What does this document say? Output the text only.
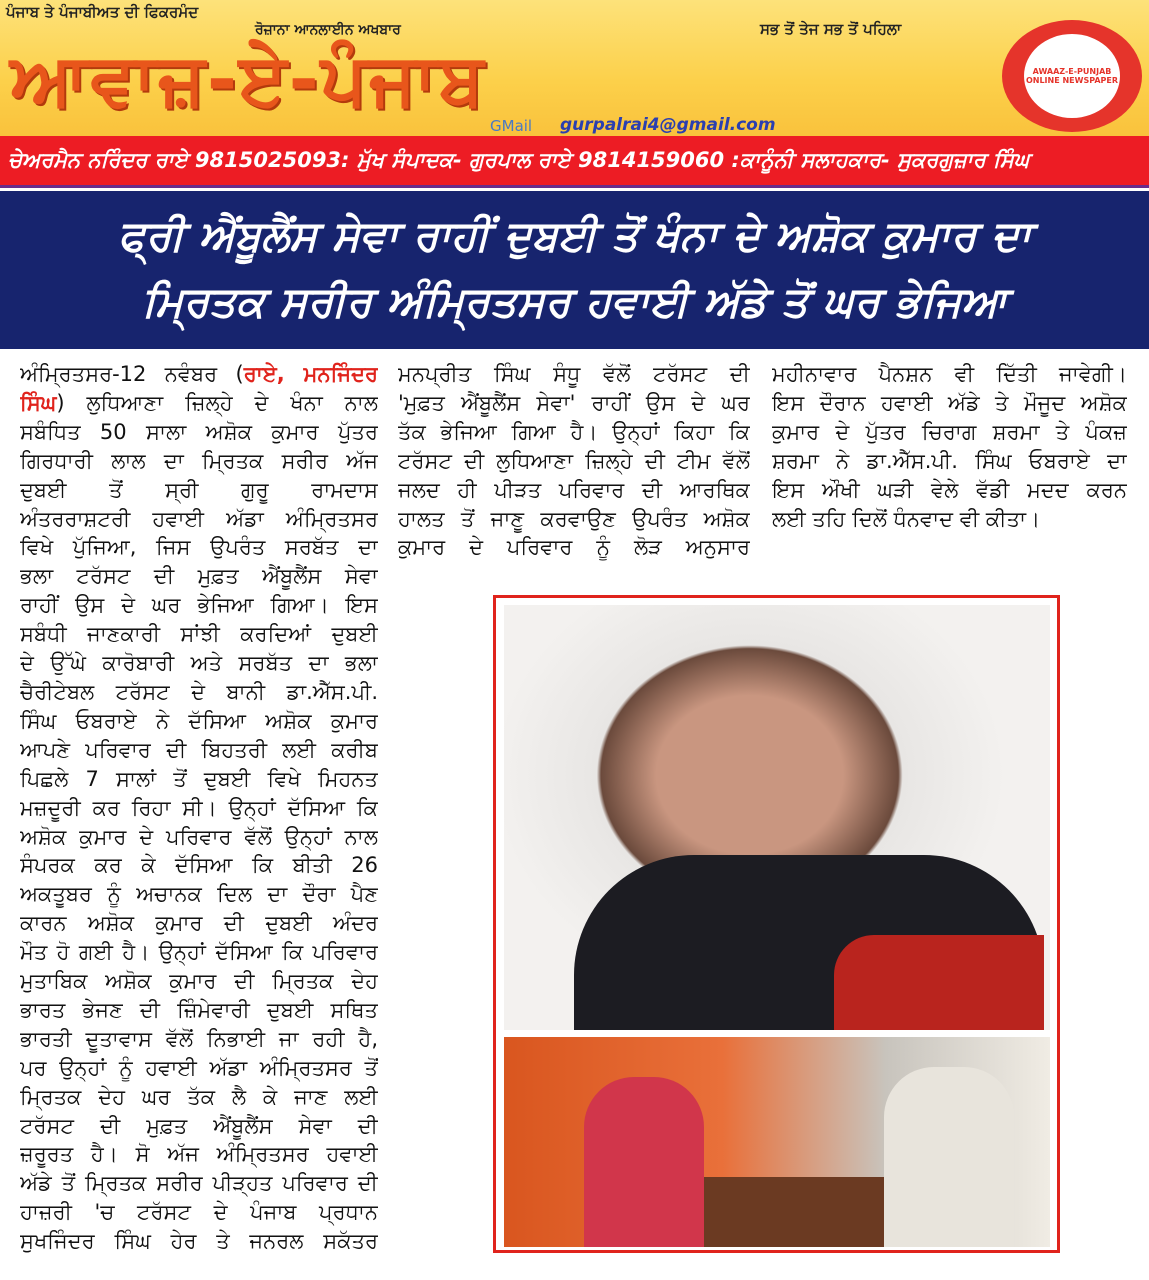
ਪੰਜਾਬ ਤੇ ਪੰਜਾਬੀਅਤ ਦੀ ਫਿਕਰਮੰਦ
ਰੋਜ਼ਾਨਾ ਆਨਲਾਈਨ ਅਖਬਾਰ	ਸਭ ਤੋਂ ਤੇਜ ਸਭ ਤੋਂ ਪਹਿਲਾ
ਆਵਾਜ਼-ਏ-ਪੰਜਾਬ
GMail gurpalrai4@gmail.com
AWAAZ-E-PUNJAB ONLINE NEWSPAPER
ਚੇਅਰਮੈਨ ਨਰਿੰਦਰ ਰਾਏ 9815025093: ਮੁੱਖ ਸੰਪਾਦਕ- ਗੁਰਪਾਲ ਰਾਏ 9814159060 :ਕਾਨੂੰਨੀ ਸਲਾਹਕਾਰ- ਸੁਕਰਗੁਜ਼ਾਰ ਸਿੰਘ
ਫ੍ਰੀ ਐਂਬੂਲੈਂਸ ਸੇਵਾ ਰਾਹੀਂ ਦੁਬਈ ਤੋਂ ਖੰਨਾ ਦੇ ਅਸ਼ੋਕ ਕੁਮਾਰ ਦਾ
ਮ੍ਰਿਤਕ ਸਰੀਰ ਅੰਮ੍ਰਿਤਸਰ ਹਵਾਈ ਅੱਡੇ ਤੋਂ ਘਰ ਭੇਜਿਆ
ਅੰਮ੍ਰਿਤਸਰ-12 ਨਵੰਬਰ (ਰਾਏ, ਮਨਜਿੰਦਰ
ਸਿੰਘ) ਲੁਧਿਆਣਾ ਜ਼ਿਲ੍ਹੇ ਦੇ ਖੰਨਾ ਨਾਲ
ਸਬੰਧਿਤ 50 ਸਾਲਾ ਅਸ਼ੋਕ ਕੁਮਾਰ ਪੁੱਤਰ
ਗਿਰਧਾਰੀ ਲਾਲ ਦਾ ਮ੍ਰਿਤਕ ਸਰੀਰ ਅੱਜ
ਦੁਬਈ ਤੋਂ ਸ੍ਰੀ ਗੁਰੂ ਰਾਮਦਾਸ
ਅੰਤਰਰਾਸ਼ਟਰੀ ਹਵਾਈ ਅੱਡਾ ਅੰਮ੍ਰਿਤਸਰ
ਵਿਖੇ ਪੁੱਜਿਆ, ਜਿਸ ਉਪਰੰਤ ਸਰਬੱਤ ਦਾ
ਭਲਾ ਟਰੱਸਟ ਦੀ ਮੁਫ਼ਤ ਐਂਬੂਲੈਂਸ ਸੇਵਾ
ਰਾਹੀਂ ਉਸ ਦੇ ਘਰ ਭੇਜਿਆ ਗਿਆ। ਇਸ
ਸਬੰਧੀ ਜਾਣਕਾਰੀ ਸਾਂਝੀ ਕਰਦਿਆਂ ਦੁਬਈ
ਦੇ ਉੱਘੇ ਕਾਰੋਬਾਰੀ ਅਤੇ ਸਰਬੱਤ ਦਾ ਭਲਾ
ਚੈਰੀਟੇਬਲ ਟਰੱਸਟ ਦੇ ਬਾਨੀ ਡਾ.ਐੱਸ.ਪੀ.
ਸਿੰਘ ਓਬਰਾਏ ਨੇ ਦੱਸਿਆ ਅਸ਼ੋਕ ਕੁਮਾਰ
ਆਪਣੇ ਪਰਿਵਾਰ ਦੀ ਬਿਹਤਰੀ ਲਈ ਕਰੀਬ
ਪਿਛਲੇ 7 ਸਾਲਾਂ ਤੋਂ ਦੁਬਈ ਵਿਖੇ ਮਿਹਨਤ
ਮਜ਼ਦੂਰੀ ਕਰ ਰਿਹਾ ਸੀ। ਉਨ੍ਹਾਂ ਦੱਸਿਆ ਕਿ
ਅਸ਼ੋਕ ਕੁਮਾਰ ਦੇ ਪਰਿਵਾਰ ਵੱਲੋਂ ਉਨ੍ਹਾਂ ਨਾਲ
ਸੰਪਰਕ ਕਰ ਕੇ ਦੱਸਿਆ ਕਿ ਬੀਤੀ 26
ਅਕਤੂਬਰ ਨੂੰ ਅਚਾਨਕ ਦਿਲ ਦਾ ਦੌਰਾ ਪੈਣ
ਕਾਰਨ ਅਸ਼ੋਕ ਕੁਮਾਰ ਦੀ ਦੁਬਈ ਅੰਦਰ
ਮੌਤ ਹੋ ਗਈ ਹੈ। ਉਨ੍ਹਾਂ ਦੱਸਿਆ ਕਿ ਪਰਿਵਾਰ
ਮੁਤਾਬਿਕ ਅਸ਼ੋਕ ਕੁਮਾਰ ਦੀ ਮ੍ਰਿਤਕ ਦੇਹ
ਭਾਰਤ ਭੇਜਣ ਦੀ ਜ਼ਿੰਮੇਵਾਰੀ ਦੁਬਈ ਸਥਿਤ
ਭਾਰਤੀ ਦੂਤਾਵਾਸ ਵੱਲੋਂ ਨਿਭਾਈ ਜਾ ਰਹੀ ਹੈ,
ਪਰ ਉਨ੍ਹਾਂ ਨੂੰ ਹਵਾਈ ਅੱਡਾ ਅੰਮ੍ਰਿਤਸਰ ਤੋਂ
ਮ੍ਰਿਤਕ ਦੇਹ ਘਰ ਤੱਕ ਲੈ ਕੇ ਜਾਣ ਲਈ
ਟਰੱਸਟ ਦੀ ਮੁਫ਼ਤ ਐਂਬੂਲੈਂਸ ਸੇਵਾ ਦੀ
ਜ਼ਰੂਰਤ ਹੈ। ਸੋ ਅੱਜ ਅੰਮ੍ਰਿਤਸਰ ਹਵਾਈ
ਅੱਡੇ ਤੋਂ ਮ੍ਰਿਤਕ ਸਰੀਰ ਪੀੜ੍ਹਤ ਪਰਿਵਾਰ ਦੀ
ਹਾਜ਼ਰੀ 'ਚ ਟਰੱਸਟ ਦੇ ਪੰਜਾਬ ਪ੍ਰਧਾਨ
ਸੁਖਜਿੰਦਰ ਸਿੰਘ ਹੇਰ ਤੇ ਜਨਰਲ ਸਕੱਤਰ
ਮਨਪ੍ਰੀਤ ਸਿੰਘ ਸੰਧੂ ਵੱਲੋਂ ਟਰੱਸਟ ਦੀ
'ਮੁਫ਼ਤ ਐਂਬੂਲੈਂਸ ਸੇਵਾ' ਰਾਹੀਂ ਉਸ ਦੇ ਘਰ
ਤੱਕ ਭੇਜਿਆ ਗਿਆ ਹੈ। ਉਨ੍ਹਾਂ ਕਿਹਾ ਕਿ
ਟਰੱਸਟ ਦੀ ਲੁਧਿਆਣਾ ਜ਼ਿਲ੍ਹੇ ਦੀ ਟੀਮ ਵੱਲੋਂ
ਜਲਦ ਹੀ ਪੀੜਤ ਪਰਿਵਾਰ ਦੀ ਆਰਥਿਕ
ਹਾਲਤ ਤੋਂ ਜਾਣੂ ਕਰਵਾਉਣ ਉਪਰੰਤ ਅਸ਼ੋਕ
ਕੁਮਾਰ ਦੇ ਪਰਿਵਾਰ ਨੂੰ ਲੋੜ ਅਨੁਸਾਰ
ਮਹੀਨਾਵਾਰ ਪੈਨਸ਼ਨ ਵੀ ਦਿੱਤੀ ਜਾਵੇਗੀ।
ਇਸ ਦੌਰਾਨ ਹਵਾਈ ਅੱਡੇ ਤੇ ਮੌਜੂਦ ਅਸ਼ੋਕ
ਕੁਮਾਰ ਦੇ ਪੁੱਤਰ ਚਿਰਾਗ ਸ਼ਰਮਾ ਤੇ ਪੰਕਜ਼
ਸ਼ਰਮਾ ਨੇ ਡਾ.ਐੱਸ.ਪੀ. ਸਿੰਘ ਓਬਰਾਏ ਦਾ
ਇਸ ਔਖੀ ਘੜੀ ਵੇਲੇ ਵੱਡੀ ਮਦਦ ਕਰਨ
ਲਈ ਤਹਿ ਦਿਲੋਂ ਧੰਨਵਾਦ ਵੀ ਕੀਤਾ।
